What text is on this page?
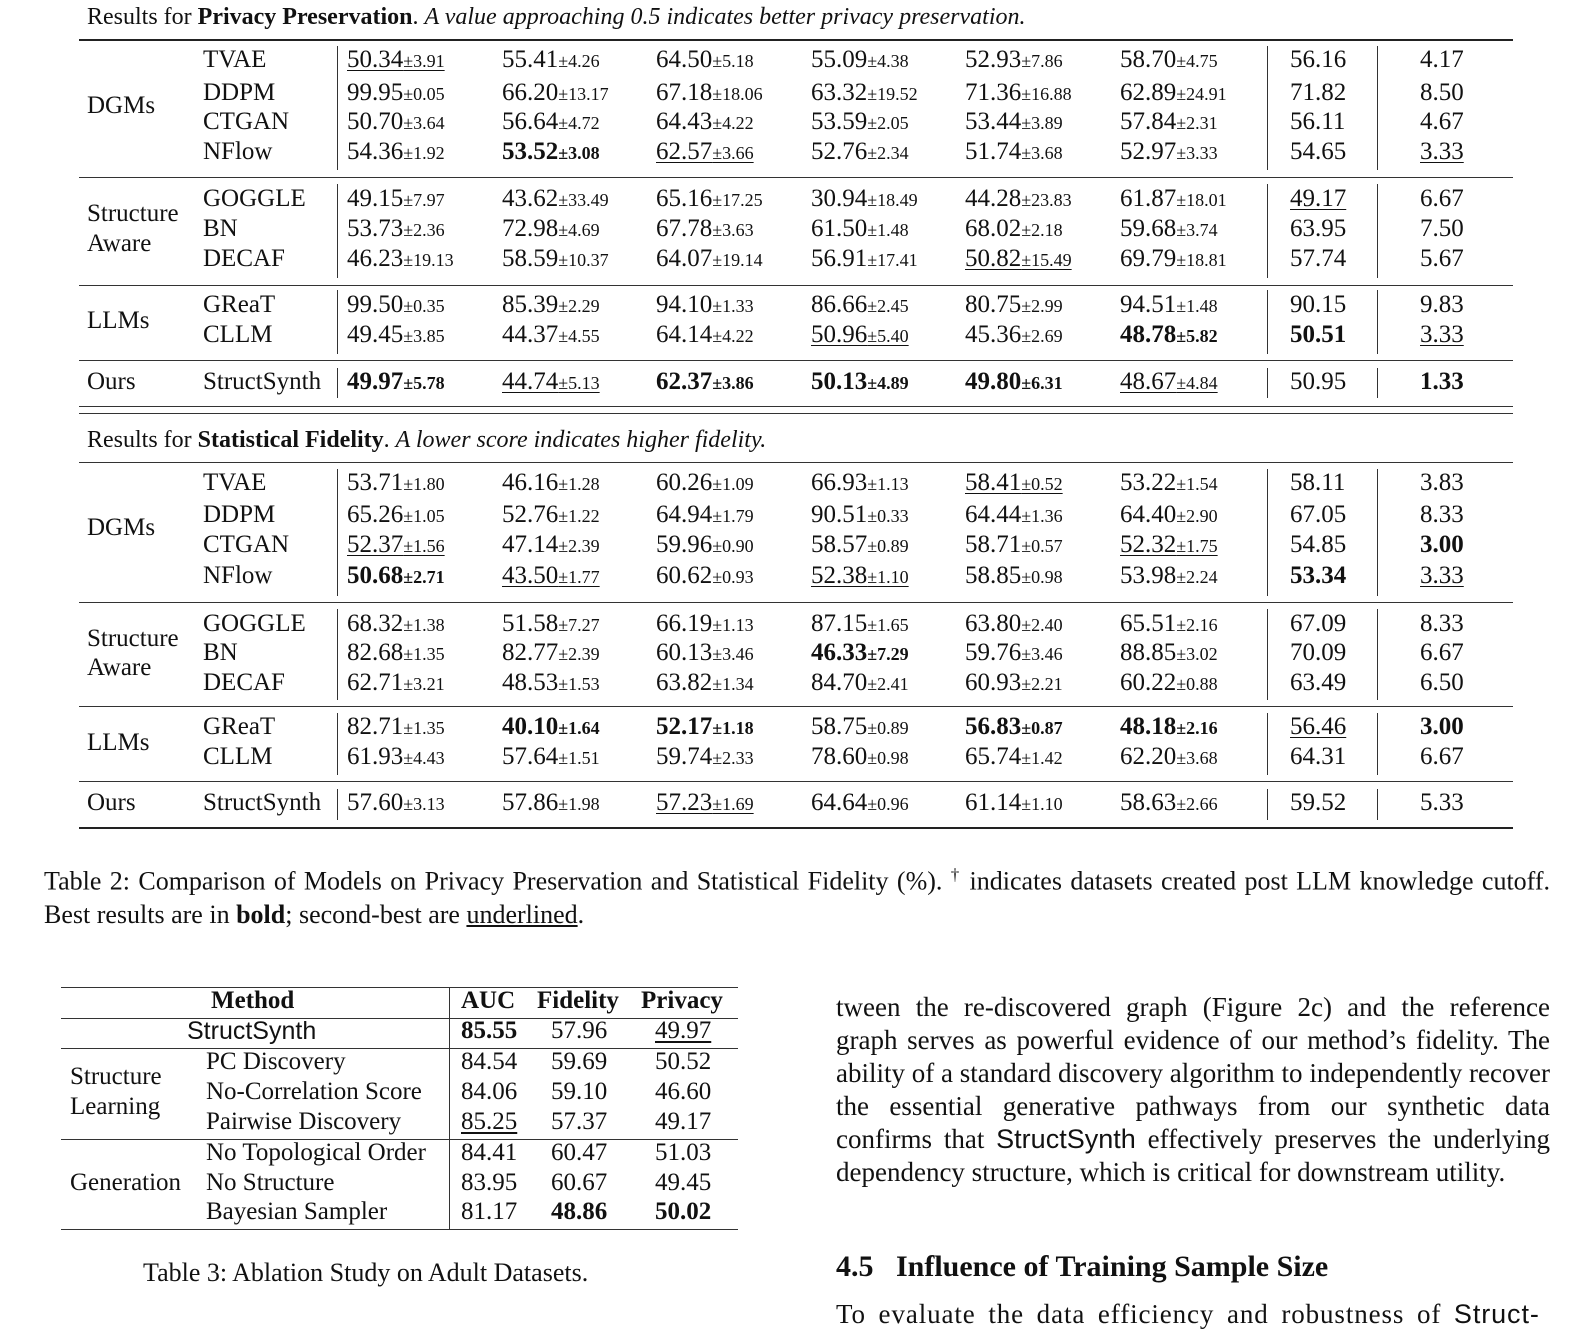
Results for Privacy Preservation. A value approaching 0.5 indicates better privacy preservation.
TVAE	50.34±3.91 55.41±4.26 64.50±5.18 55.09±4.38 52.93±7.86 58.70±4.75	56.16	4.17
DDPM	99.95±0.05 66.20±13.17 67.18±18.06 63.32±19.52 71.36±16.88 62.89±24.91	71.82	8.50
CTGAN 50.70±3.64 56.64±4.72 64.43±4.22 53.59±2.05 53.44±3.89 57.84±2.31	56.11	4.67
NFlow	54.36±1.92 53.52±3.08 62.57±3.66 52.76±2.34 51.74±3.68 52.97±3.33	54.65	3.33
GOGGLE 49.15±7.97 43.62±33.49 65.16±17.25 30.94±18.49 44.28±23.83 61.87±18.01	49.17	6.67
BN	53.73±2.36 72.98±4.69 67.78±3.63 61.50±1.48 68.02±2.18 59.68±3.74	63.95	7.50
DECAF 46.23±19.13 58.59±10.37 64.07±19.14 56.91±17.41 50.82±15.49 69.79±18.81	57.74	5.67
GReaT	99.50±0.35 85.39±2.29 94.10±1.33 86.66±2.45 80.75±2.99 94.51±1.48	90.15	9.83
CLLM	49.45±3.85 44.37±4.55 64.14±4.22 50.96±5.40 45.36±2.69 48.78±5.82	50.51	3.33
StructSynth 49.97±5.78 44.74±5.13 62.37±3.86 50.13±4.89 49.80±6.31 48.67±4.84	50.95	1.33
DGMs
Structure
Aware
LLMs
Ours
Results for Statistical Fidelity. A lower score indicates higher fidelity.
TVAE	53.71±1.80 46.16±1.28 60.26±1.09 66.93±1.13 58.41±0.52 53.22±1.54	58.11	3.83
DDPM	65.26±1.05 52.76±1.22 64.94±1.79 90.51±0.33 64.44±1.36 64.40±2.90	67.05	8.33
CTGAN 52.37±1.56 47.14±2.39 59.96±0.90 58.57±0.89 58.71±0.57 52.32±1.75	54.85	3.00
NFlow	50.68±2.71 43.50±1.77 60.62±0.93 52.38±1.10 58.85±0.98 53.98±2.24	53.34	3.33
GOGGLE 68.32±1.38 51.58±7.27 66.19±1.13 87.15±1.65 63.80±2.40 65.51±2.16	67.09	8.33
BN	82.68±1.35 82.77±2.39 60.13±3.46 46.33±7.29 59.76±3.46 88.85±3.02	70.09	6.67
DECAF 62.71±3.21 48.53±1.53 63.82±1.34 84.70±2.41 60.93±2.21 60.22±0.88	63.49	6.50
GReaT	82.71±1.35 40.10±1.64 52.17±1.18 58.75±0.89 56.83±0.87 48.18±2.16	56.46	3.00
CLLM	61.93±4.43 57.64±1.51 59.74±2.33 78.60±0.98 65.74±1.42 62.20±3.68	64.31	6.67
StructSynth 57.60±3.13 57.86±1.98 57.23±1.69 64.64±0.96 61.14±1.10 58.63±2.66	59.52	5.33
DGMs
Structure
Aware
LLMs
Ours
Table 2: Comparison of Models on Privacy Preservation and Statistical Fidelity (%). † indicates datasets created post LLM knowledge cutoff. Best results are in bold; second-best are underlined.
Method	AUC Fidelity Privacy
StructSynth	85.55 57.96 49.97
PC Discovery	84.54 59.69 50.52
No-Correlation Score 84.06 59.10 46.60
Pairwise Discovery 85.25 57.37 49.17
No Topological Order 84.41 60.47 51.03
No Structure	83.95 60.67 49.45
Bayesian Sampler	81.17 48.86 50.02
Structure
Learning
Generation
Table 3: Ablation Study on Adult Datasets.
tween the re-discovered graph (Figure 2c) and the reference graph serves as powerful evidence of our method’s fidelity. The ability of a standard discovery algorithm to independently recover the essential generative pathways from our synthetic data confirms that StructSynth effectively preserves the underlying dependency structure, which is critical for downstream utility.
4.5 Influence of Training Sample Size
To evaluate the data efficiency and robustness of Struct-
